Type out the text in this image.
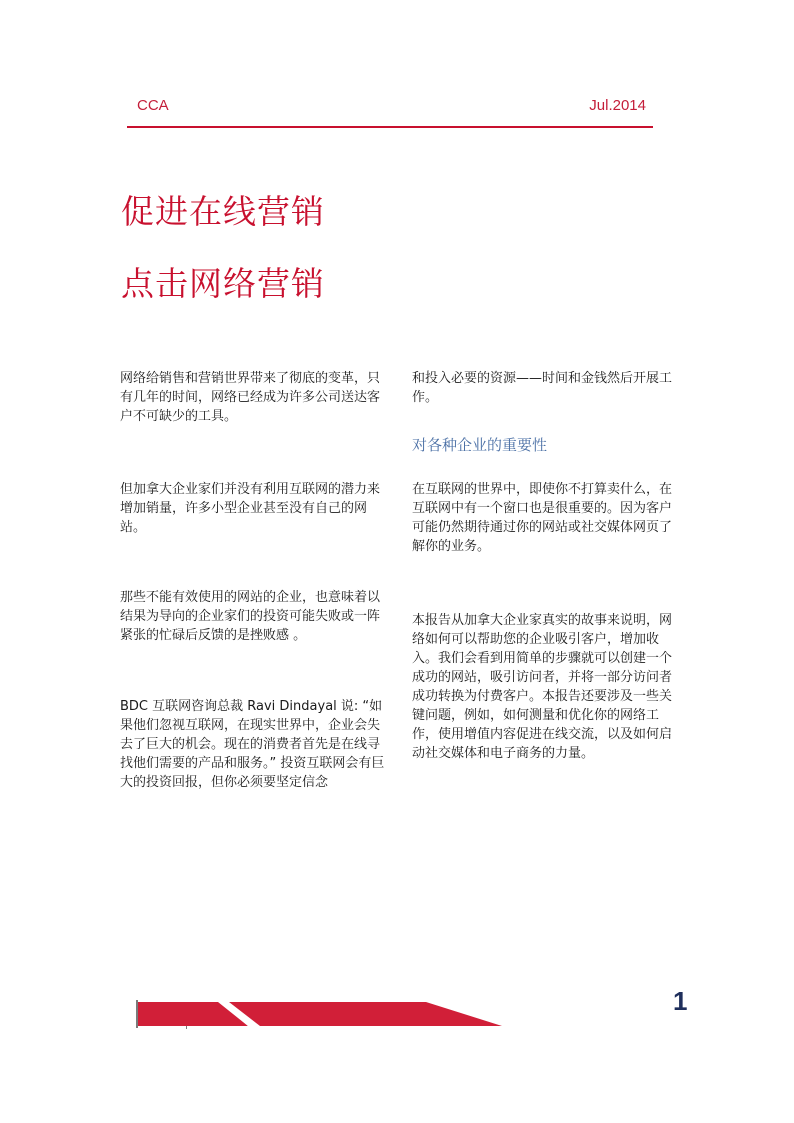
CCA	Jul.2014
促进在线营销
点击网络营销

网络给销售和营销世界带来了彻底的变革，只有几年的时间，网络已经成为许多公司送达客户不可缺少的工具。

但加拿大企业家们并没有利用互联网的潜力来增加销量，许多小型企业甚至没有自己的网站。

那些不能有效使用的网站的企业，也意味着以结果为导向的企业家们的投资可能失败或一阵紧张的忙碌后反馈的是挫败感 。

BDC 互联网咨询总裁 Ravi Dindayal 说: “如果他们忽视互联网，在现实世界中，企业会失去了巨大的机会。现在的消费者首先是在线寻找他们需要的产品和服务。” 投资互联网会有巨大的投资回报，但你必须要坚定信念

和投入必要的资源——时间和金钱然后开展工作。

对各种企业的重要性

在互联网的世界中，即使你不打算卖什么，在互联网中有一个窗口也是很重要的。因为客户可能仍然期待通过你的网站或社交媒体网页了解你的业务。

本报告从加拿大企业家真实的故事来说明，网络如何可以帮助您的企业吸引客户，增加收入。我们会看到用简单的步骤就可以创建一个成功的网站，吸引访问者，并将一部分访问者成功转换为付费客户。本报告还要涉及一些关键问题，例如，如何测量和优化你的网络工作，使用增值内容促进在线交流，以及如何启动社交媒体和电子商务的力量。

1
